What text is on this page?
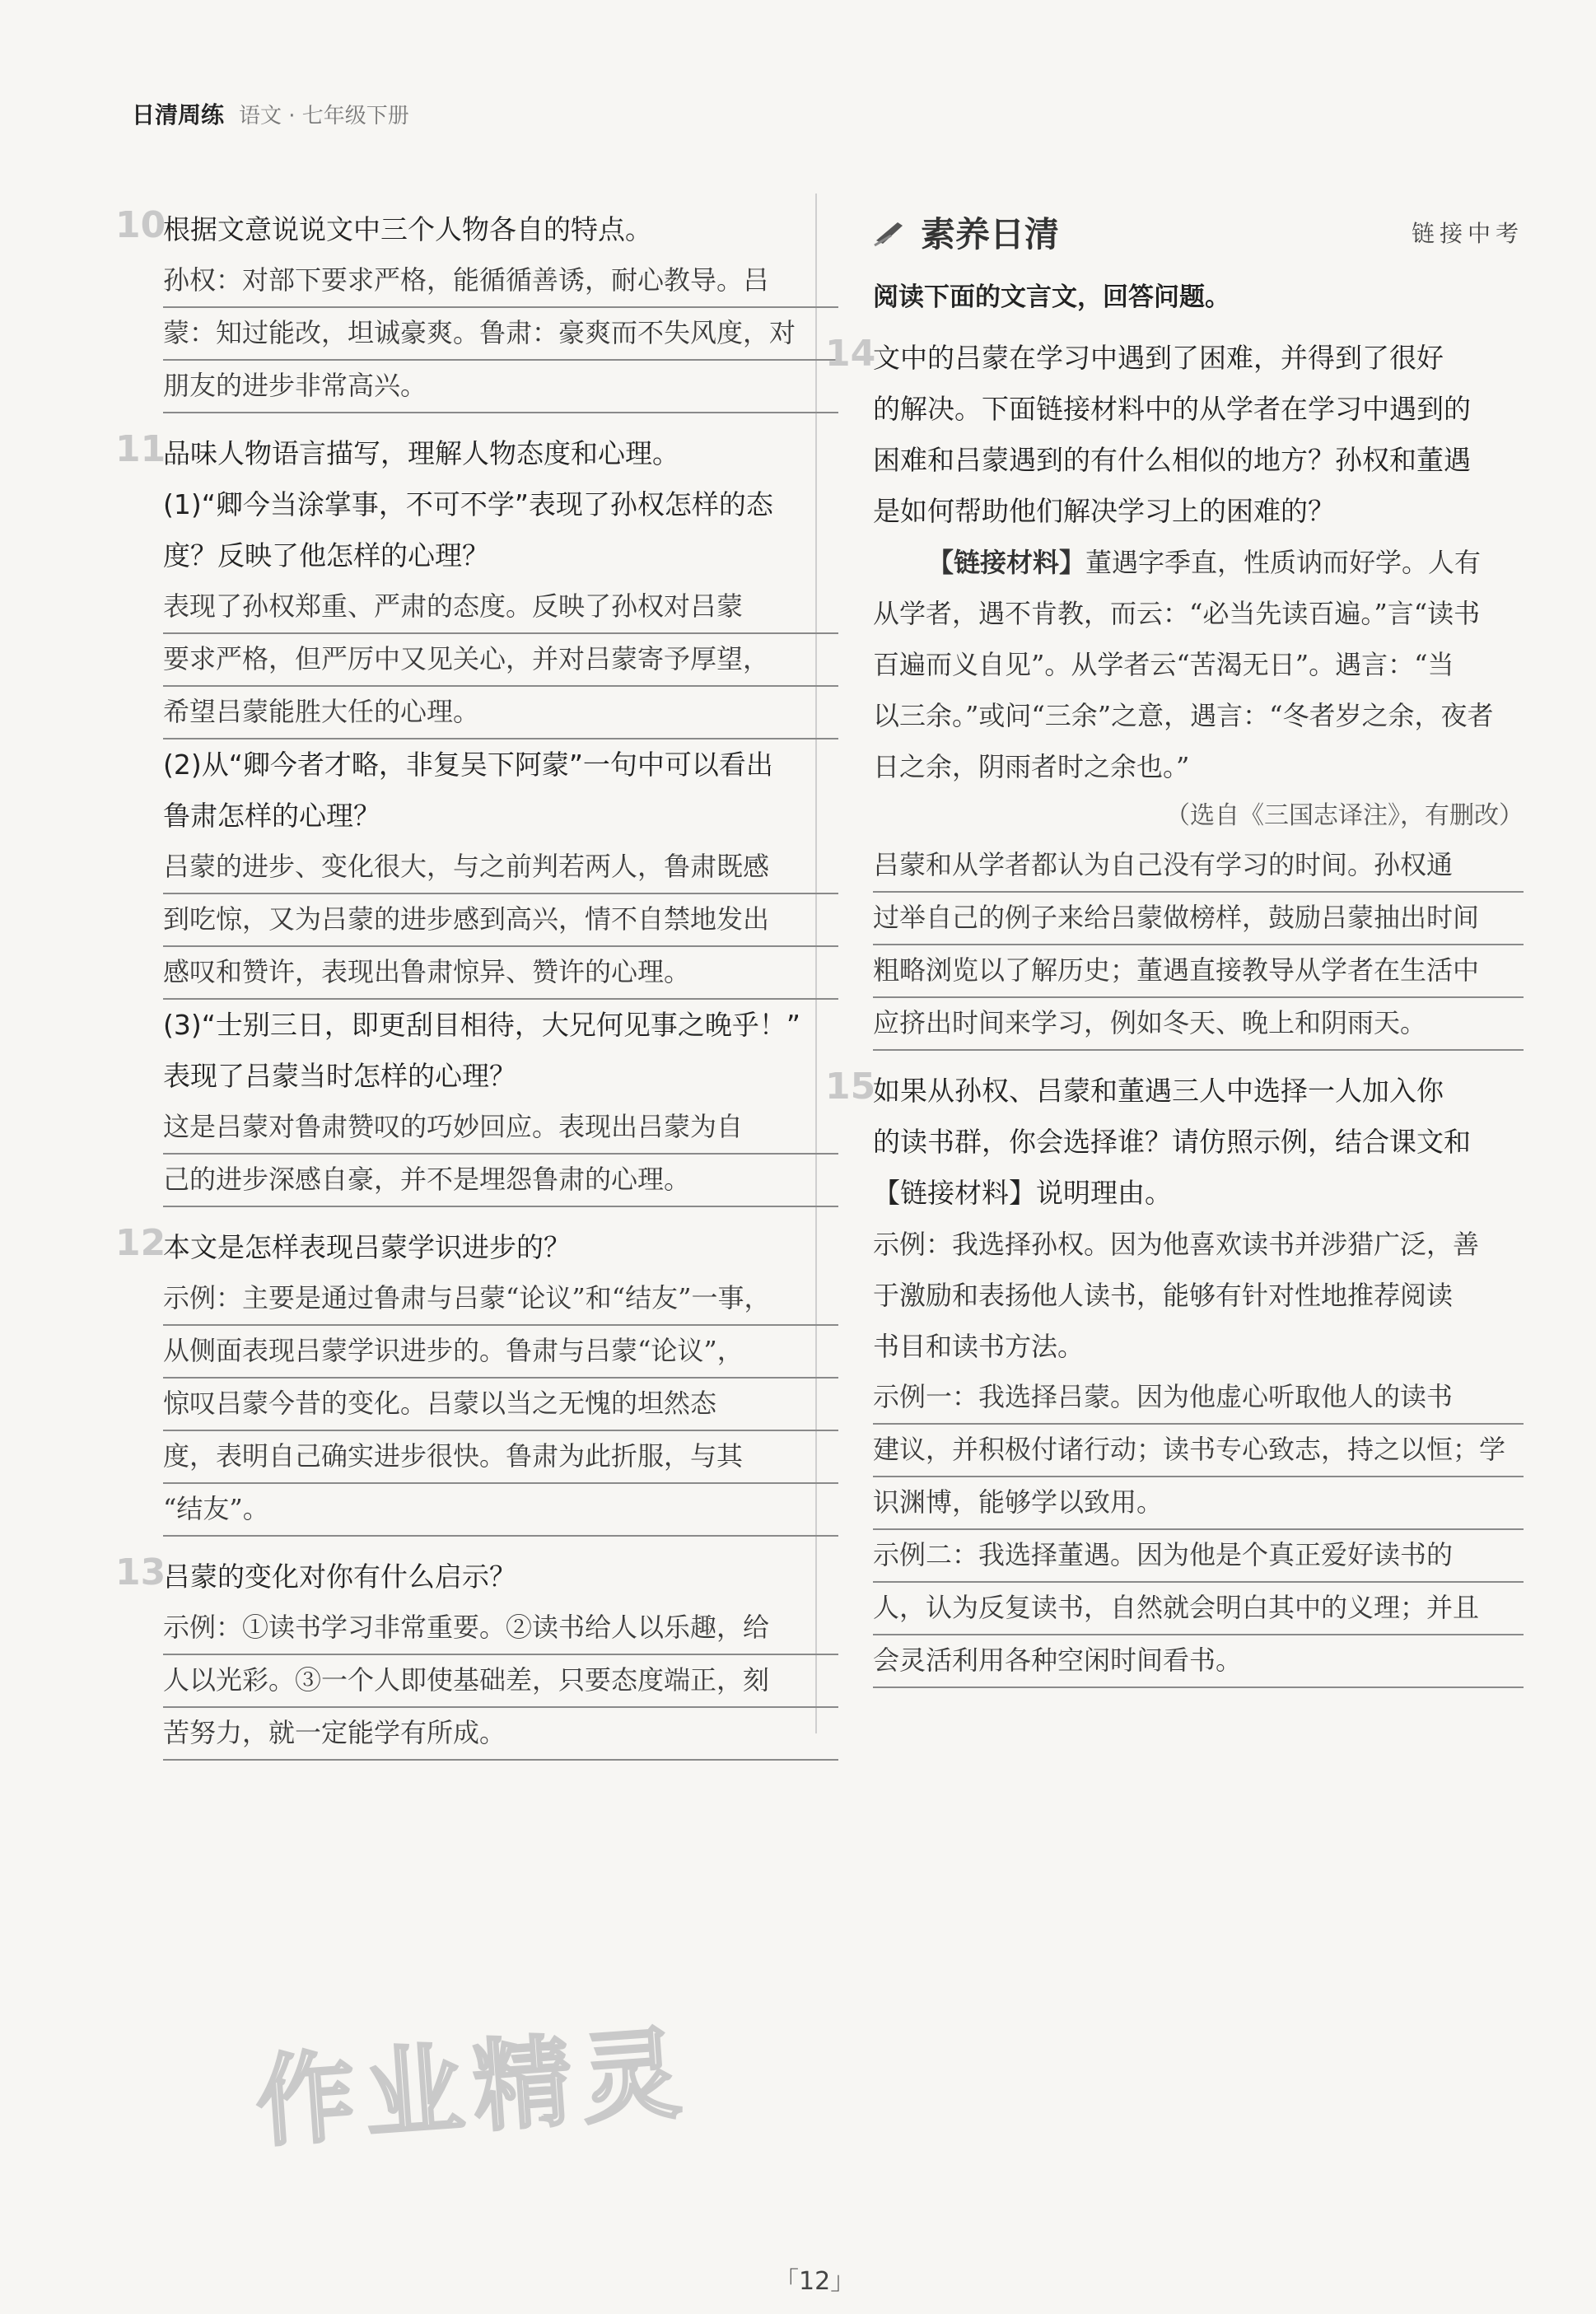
日清周练 语文 · 七年级下册
10
根据文意说说文中三个人物各自的特点。
孙权：对部下要求严格，能循循善诱，耐心教导。吕
蒙：知过能改，坦诚豪爽。鲁肃：豪爽而不失风度，对
朋友的进步非常高兴。
11
品味人物语言描写，理解人物态度和心理。
(1)“卿今当涂掌事，不可不学”表现了孙权怎样的态
度？反映了他怎样的心理？
表现了孙权郑重、严肃的态度。反映了孙权对吕蒙
要求严格，但严厉中又见关心，并对吕蒙寄予厚望，
希望吕蒙能胜大任的心理。
(2)从“卿今者才略，非复吴下阿蒙”一句中可以看出
鲁肃怎样的心理？
吕蒙的进步、变化很大，与之前判若两人，鲁肃既感
到吃惊，又为吕蒙的进步感到高兴，情不自禁地发出
感叹和赞许，表现出鲁肃惊异、赞许的心理。
(3)“士别三日，即更刮目相待，大兄何见事之晚乎！”
表现了吕蒙当时怎样的心理？
这是吕蒙对鲁肃赞叹的巧妙回应。表现出吕蒙为自
己的进步深感自豪，并不是埋怨鲁肃的心理。
12
本文是怎样表现吕蒙学识进步的？
示例：主要是通过鲁肃与吕蒙“论议”和“结友”一事，
从侧面表现吕蒙学识进步的。鲁肃与吕蒙“论议”，
惊叹吕蒙今昔的变化。吕蒙以当之无愧的坦然态
度，表明自己确实进步很快。鲁肃为此折服，与其
“结友”。
13
吕蒙的变化对你有什么启示？
示例：①读书学习非常重要。②读书给人以乐趣，给
人以光彩。③一个人即使基础差，只要态度端正，刻
苦努力，就一定能学有所成。
素养日清	链接中考
阅读下面的文言文，回答问题。
14
文中的吕蒙在学习中遇到了困难，并得到了很好
的解决。下面链接材料中的从学者在学习中遇到的
困难和吕蒙遇到的有什么相似的地方？孙权和董遇
是如何帮助他们解决学习上的困难的？
【链接材料】董遇字季直，性质讷而好学。人有
从学者，遇不肯教，而云：“必当先读百遍。”言“读书
百遍而义自见”。从学者云“苦渴无日”。遇言：“当
以三余。”或问“三余”之意，遇言：“冬者岁之余，夜者
日之余，阴雨者时之余也。”
（选自《三国志译注》，有删改）
吕蒙和从学者都认为自己没有学习的时间。孙权通
过举自己的例子来给吕蒙做榜样，鼓励吕蒙抽出时间
粗略浏览以了解历史；董遇直接教导从学者在生活中
应挤出时间来学习，例如冬天、晚上和阴雨天。
15
如果从孙权、吕蒙和董遇三人中选择一人加入你
的读书群，你会选择谁？请仿照示例，结合课文和
【链接材料】说明理由。
示例：我选择孙权。因为他喜欢读书并涉猎广泛，善
于激励和表扬他人读书，能够有针对性地推荐阅读
书目和读书方法。
示例一：我选择吕蒙。因为他虚心听取他人的读书
建议，并积极付诸行动；读书专心致志，持之以恒；学
识渊博，能够学以致用。
示例二：我选择董遇。因为他是个真正爱好读书的
人，认为反复读书，自然就会明白其中的义理；并且
会灵活利用各种空闲时间看书。
作业精灵
「12」
